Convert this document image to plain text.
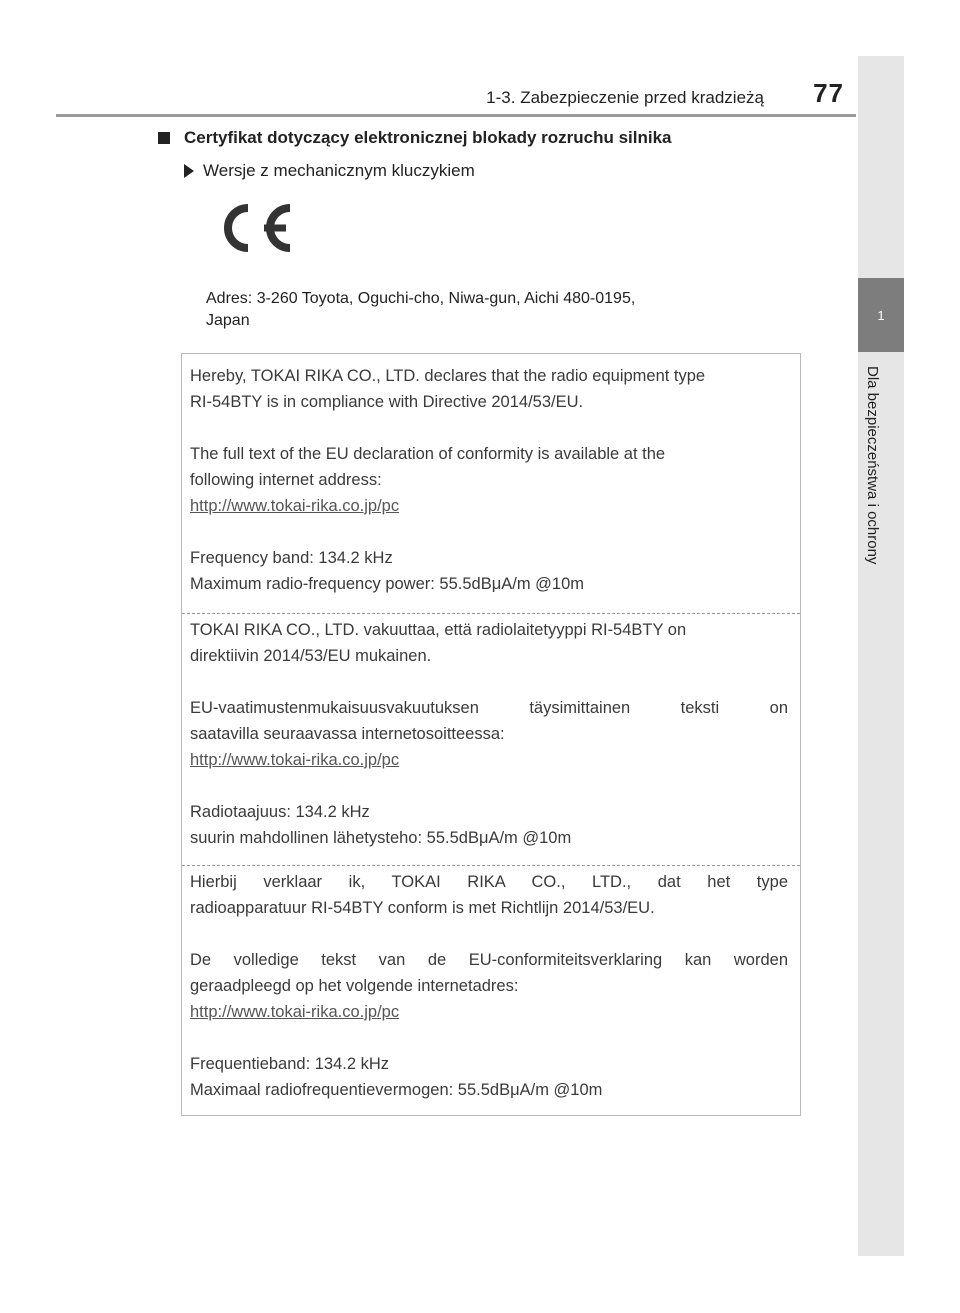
1
Dla bezpieczeństwa i ochrony
1-3. Zabezpieczenie przed kradzieżą 77
Certyfikat dotyczący elektronicznej blokady rozruchu silnika
Wersje z mechanicznym kluczykiem
Adres: 3-260 Toyota, Oguchi-cho, Niwa-gun, Aichi 480-0195,
Japan

Hereby, TOKAI RIKA CO., LTD. declares that the radio equipment type

RI-54BTY is in compliance with Directive 2014/53/EU.

The full text of the EU declaration of conformity is available at the

following internet address:

http://www.tokai-rika.co.jp/pc

Frequency band: 134.2 kHz

Maximum radio-frequency power: 55.5dBμA/m @10m

TOKAI RIKA CO., LTD. vakuuttaa, että radiolaitetyyppi RI-54BTY on

direktiivin 2014/53/EU mukainen.

EU-vaatimustenmukaisuusvakuutuksen täysimittainen teksti on

saatavilla seuraavassa internetosoitteessa:

http://www.tokai-rika.co.jp/pc

Radiotaajuus: 134.2 kHz

suurin mahdollinen lähetysteho: 55.5dBμA/m @10m

Hierbij verklaar ik, TOKAI RIKA CO., LTD., dat het type

radioapparatuur RI-54BTY conform is met Richtlijn 2014/53/EU.

De volledige tekst van de EU-conformiteitsverklaring kan worden

geraadpleegd op het volgende internetadres:

http://www.tokai-rika.co.jp/pc

Frequentieband: 134.2 kHz

Maximaal radiofrequentievermogen: 55.5dBμA/m @10m
